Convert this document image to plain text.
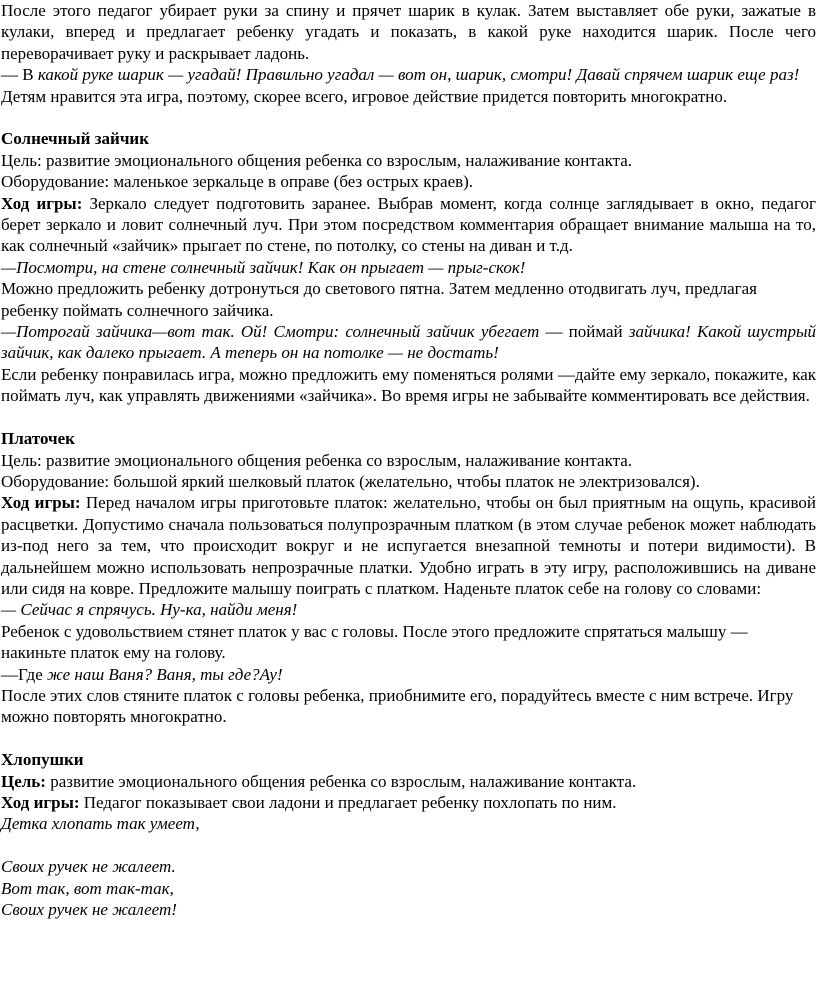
После этого педагог убирает руки за спину и прячет шарик в кулак. Затем выставляет обе руки, зажатые в кулаки, вперед и предлагает ребенку угадать и показать, в какой руке находится шарик. После чего переворачивает руку и раскрывает ладонь.

— В какой руке шарик — угадай! Правильно угадал — вот он, шарик, смотри! Давай спрячем шарик еще раз!

Детям нравится эта игра, поэтому, скорее всего, игровое действие придется повторить многократно.

Солнечный зайчик

Цель: развитие эмоционального общения ребенка со взрослым, налаживание контакта.

Оборудование: маленькое зеркальце в оправе (без острых краев).

Ход игры: Зеркало следует подготовить заранее. Выбрав момент, когда солнце заглядывает в окно, педагог берет зеркало и ловит солнечный луч. При этом посредством комментария обращает внимание малыша на то, как солнечный «зайчик» прыгает по стене, по потолку, со стены на диван и т.д.

—Посмотри, на стене солнечный зайчик! Как он прыгает — прыг-скок!

Можно предложить ребенку дотронуться до светового пятна. Затем медленно отодвигать луч, предлагая ребенку поймать солнечного зайчика.

—Потрогай зайчика—вот так. Ой! Смотри: солнечный зайчик убегает — поймай зайчика! Какой шустрый зайчик, как далеко прыгает. А теперь он на потолке — не достать!

Если ребенку понравилась игра, можно предложить ему поменяться ролями —дайте ему зеркало, покажите, как поймать луч, как управлять движениями «зайчика». Во время игры не забывайте комментировать все действия.

Платочек

Цель: развитие эмоционального общения ребенка со взрослым, налаживание контакта.

Оборудование: большой яркий шелковый платок (желательно, чтобы платок не электризовался).

Ход игры: Перед началом игры приготовьте платок: желательно, чтобы он был приятным на ощупь, красивой расцветки. Допустимо сначала пользоваться полупрозрачным платком (в этом случае ребенок может наблюдать из-под него за тем, что происходит вокруг и не испугается внезапной темноты и потери видимости). В дальнейшем можно использовать непрозрачные платки. Удобно играть в эту игру, расположившись на диване или сидя на ковре. Предложите малышу поиграть с платком. Наденьте платок себе на голову со словами:

— Сейчас я спрячусь. Ну-ка, найди меня!

Ребенок с удовольствием стянет платок у вас с головы. После этого предложите спрятаться малышу — накиньте платок ему на голову.

—Где же наш Ваня? Ваня, ты где?Ау!

После этих слов стяните платок с головы ребенка, приобнимите его, порадуйтесь вместе с ним встрече. Игру можно повторять многократно.

Хлопушки

Цель: развитие эмоционального общения ребенка со взрослым, налаживание контакта.

Ход игры: Педагог показывает свои ладони и предлагает ребенку похлопать по ним.

Детка хлопать так умеет,

Своих ручек не жалеет.

Вот так, вот так-так,

Своих ручек не жалеет!
